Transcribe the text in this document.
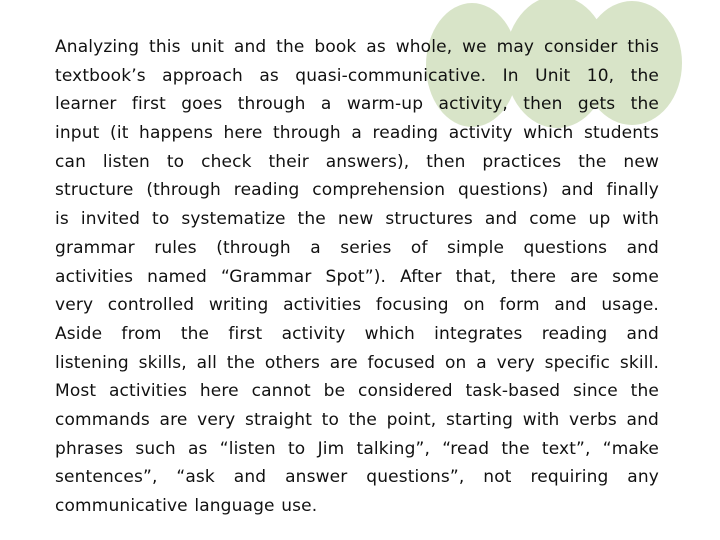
Analyzing this unit and the book as whole, we may consider this
textbook’s approach as quasi-communicative. In Unit 10, the
learner first goes through a warm-up activity, then gets the
input (it happens here through a reading activity which students
can listen to check their answers), then practices the new
structure (through reading comprehension questions) and finally
is invited to systematize the new structures and come up with
grammar rules (through a series of simple questions and
activities named “Grammar Spot”). After that, there are some
very controlled writing activities focusing on form and usage.
Aside from the first activity which integrates reading and
listening skills, all the others are focused on a very specific skill.
Most activities here cannot be considered task-based since the
commands are very straight to the point, starting with verbs and
phrases such as “listen to Jim talking”, “read the text”, “make
sentences”, “ask and answer questions”, not requiring any
communicative language use.
